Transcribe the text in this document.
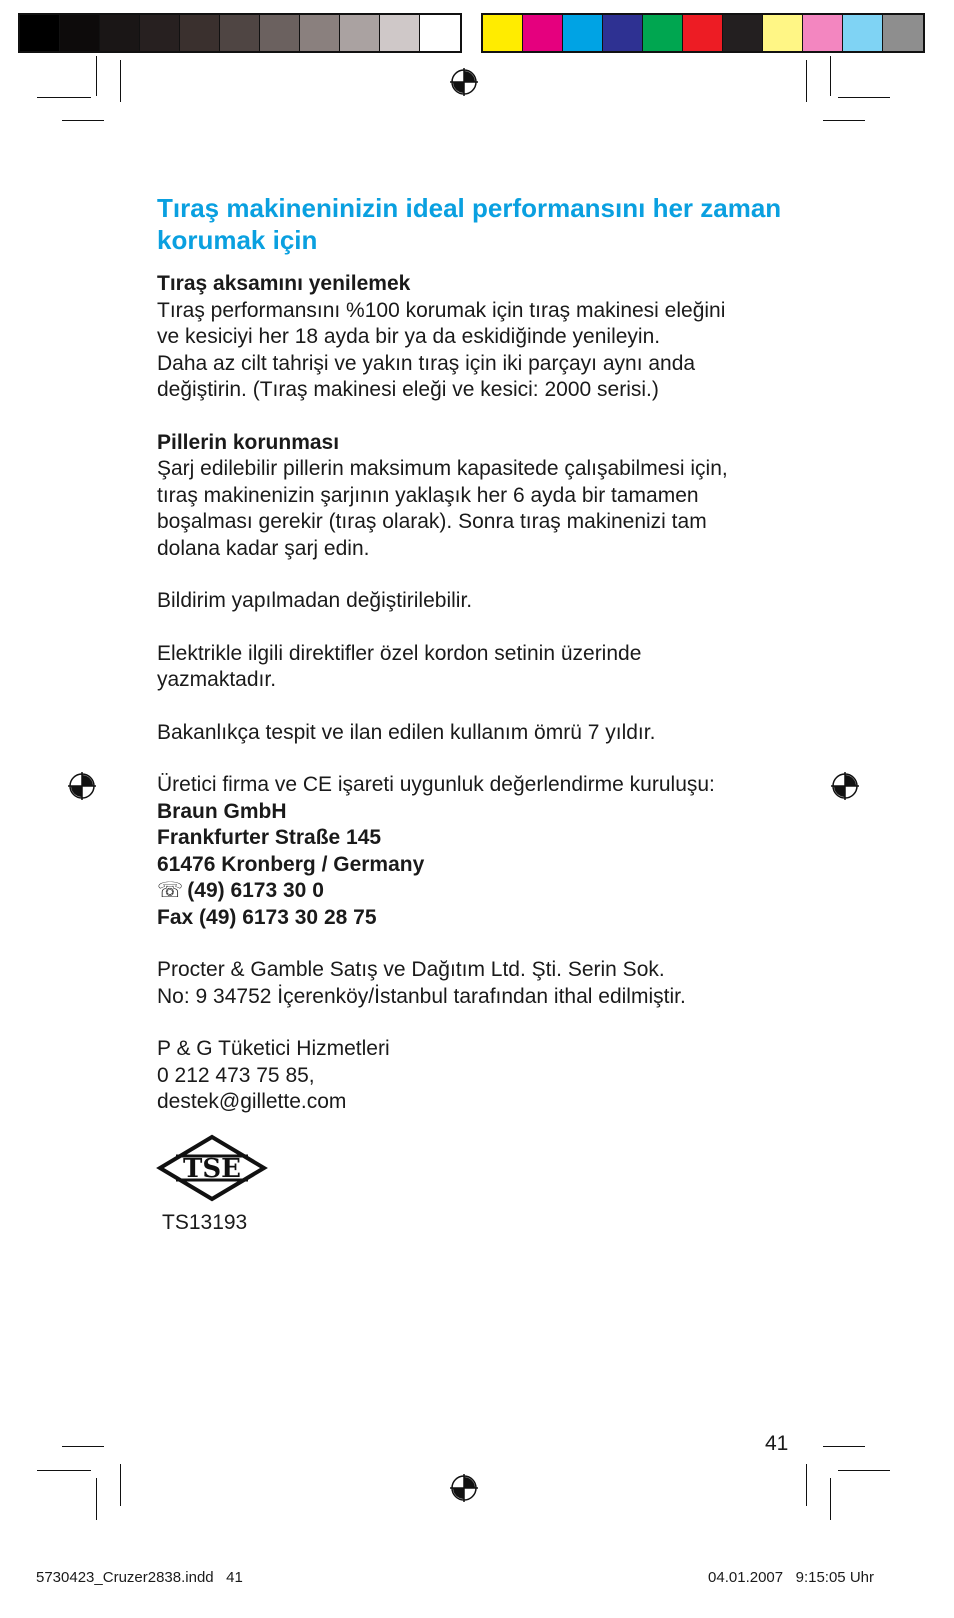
Tıraş makineninizin ideal performansını her zaman korumak için

Tıraş aksamını yenilemek
Tıraş performansını %100 korumak için tıraş makinesi eleğini
ve kesiciyi her 18 ayda bir ya da eskidiğinde yenileyin.
Daha az cilt tahrişi ve yakın tıraş için iki parçayı aynı anda
değiştirin. (Tıraş makinesi eleği ve kesici: 2000 serisi.)

Pillerin korunması
Şarj edilebilir pillerin maksimum kapasitede çalışabilmesi için,
tıraş makinenizin şarjının yaklaşık her 6 ayda bir tamamen
boşalması gerekir (tıraş olarak). Sonra tıraş makinenizi tam
dolana kadar şarj edin.

Bildirim yapılmadan değiştirilebilir.

Elektrikle ilgili direktifler özel kordon setinin üzerinde
yazmaktadır.

Bakanlıkça tespit ve ilan edilen kullanım ömrü 7 yıldır.

Üretici firma ve CE işareti uygunluk değerlendirme kuruluşu:
Braun GmbH
Frankfurter Straße 145
61476 Kronberg / Germany
☏ (49) 6173 30 0
Fax (49) 6173 30 28 75

Procter & Gamble Satış ve Dağıtım Ltd. Şti. Serin Sok.
No: 9 34752 İçerenköy/İstanbul tarafından ithal edilmiştir.

P & G Tüketici Hizmetleri
0 212 473 75 85,
destek@gillette.com

TSE
TS13193
41
5730423_Cruzer2838.indd   41	04.01.2007   9:15:05 Uhr
